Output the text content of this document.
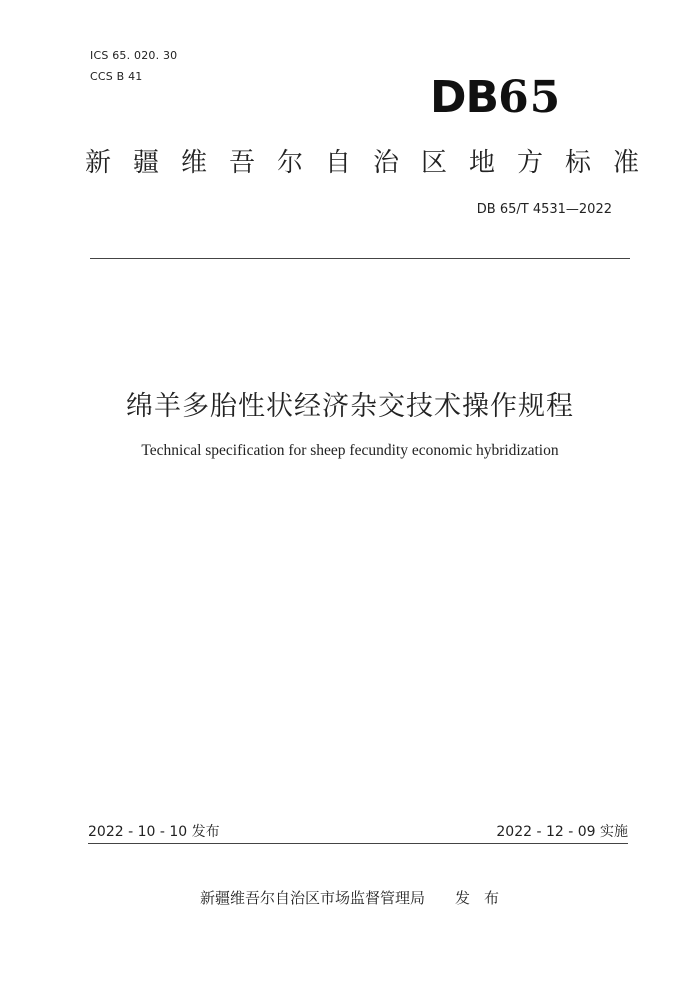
ICS 65. 020. 30
CCS B 41	DB65
新疆维吾尔自治区地方标准
DB 65/T 4531—2022
绵羊多胎性状经济杂交技术操作规程
Technical specification for sheep fecundity economic hybridization
2022 - 10 - 10 发布	2022 - 12 - 09 实施
新疆维吾尔自治区市场监督管理局 发布
